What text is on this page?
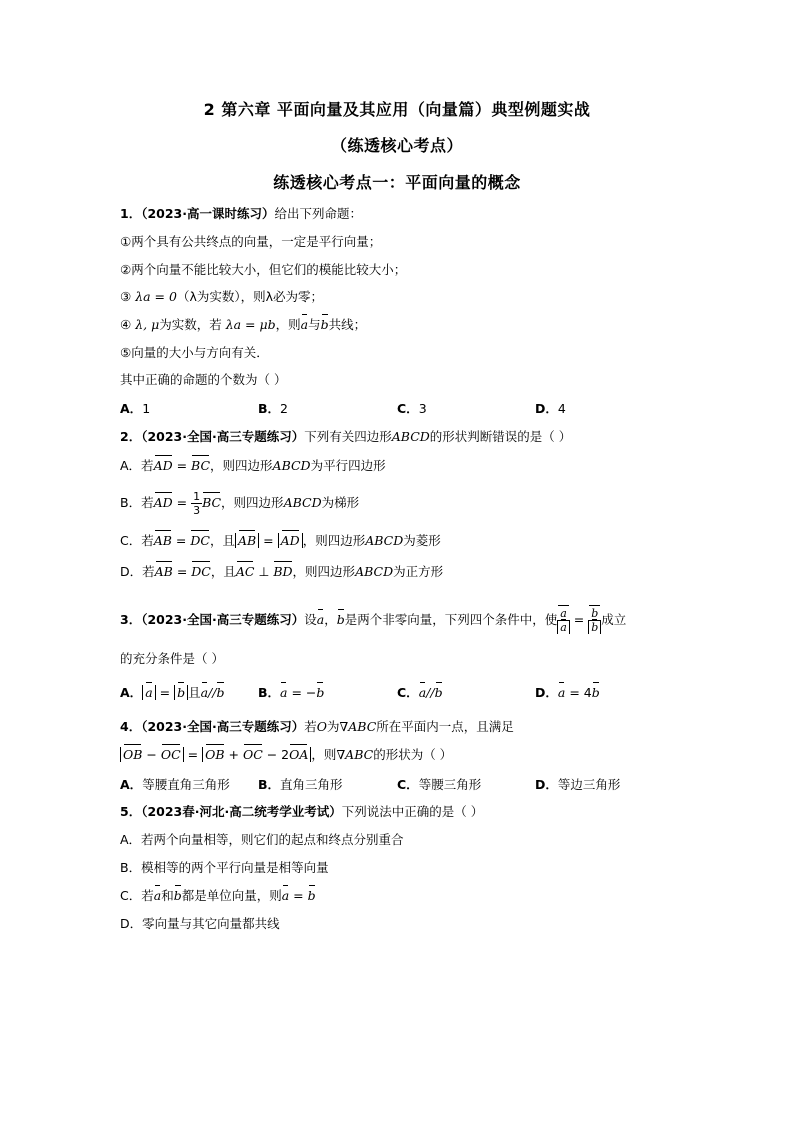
2 第六章 平面向量及其应用（向量篇）典型例题实战
（练透核心考点）
练透核心考点一：平面向量的概念
1．（2023·高一课时练习）给出下列命题：
①两个具有公共终点的向量，一定是平行向量；
②两个向量不能比较大小，但它们的模能比较大小；
③ λa = 0（λ为实数），则λ必为零；
④ λ, μ为实数，若 λa = μb，则a与b共线；
⑤向量的大小与方向有关．
其中正确的命题的个数为（ ）
A．1	B．2	C．3	D．4
2．（2023·全国·高三专题练习）下列有关四边形ABCD的形状判断错误的是（ ）
A．若AD = BC，则四边形ABCD为平行四边形
B．若AD = $\frac{1}{3}$ BC，则四边形ABCD为梯形
C．若AB = DC，且 AB = AD ，则四边形ABCD为菱形
D．若AB = DC，且AC ⊥ BD，则四边形ABCD为正方形
3．（2023·全国·高三专题练习）设a，b是两个非零向量，下列四个条件中，使 $\frac{a}{a} = \frac{b}{b}$ 成立
的充分条件是（ ）
A． a = b 且a//b	B．a = −b	C．a//b	D．a = 4b
4．（2023·全国·高三专题练习）若O为∇ABC所在平面内一点，且满足
OB − OC = OB + OC − 2OA ，则∇ABC的形状为（ ）
A．等腰直角三角形 B．直角三角形	C．等腰三角形	D．等边三角形
5．（2023春·河北·高二统考学业考试）下列说法中正确的是（ ）
A．若两个向量相等，则它们的起点和终点分别重合
B．模相等的两个平行向量是相等向量
C．若a和b都是单位向量，则a = b
D．零向量与其它向量都共线
